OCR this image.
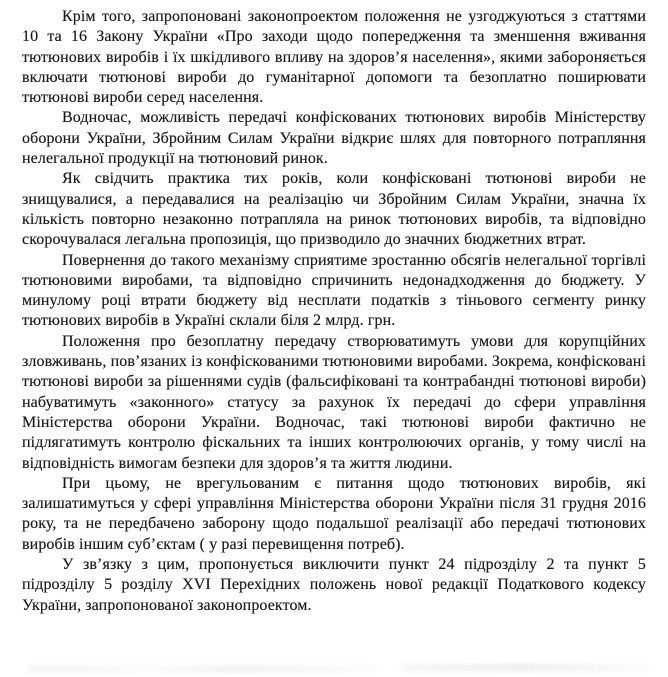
Крім того, запропоновані законопроектом положення не узгоджуються з статтями 10 та 16 Закону України «Про заходи щодо попередження та зменшення вживання тютюнових виробів і їх шкідливого впливу на здоров’я населення», якими забороняється включати тютюнові вироби до гуманітарної допомоги та безоплатно поширювати тютюнові вироби серед населення.

Водночас, можливість передачі конфіскованих тютюнових виробів Міністерству оборони України, Збройним Силам України відкриє шлях для повторного потрапляння нелегальної продукції на тютюновий ринок.

Як свідчить практика тих років, коли конфісковані тютюнові вироби не знищувалися, а передавалися на реалізацію чи Збройним Силам України, значна їх кількість повторно незаконно потрапляла на ринок тютюнових виробів, та відповідно скорочувалася легальна пропозиція, що призводило до значних бюджетних втрат.

Повернення до такого механізму сприятиме зростанню обсягів нелегальної торгівлі тютюновими виробами, та відповідно спричинить недонадходження до бюджету. У минулому році втрати бюджету від несплати податків з тіньового сегменту ринку тютюнових виробів в Україні склали біля 2 млрд. грн.

Положення про безоплатну передачу створюватимуть умови для корупційних зловживань, пов’язаних із конфіскованими тютюновими виробами. Зокрема, конфісковані тютюнові вироби за рішеннями судів (фальсифіковані та контрабандні тютюнові вироби) набуватимуть «законного» статусу за рахунок їх передачі до сфери управління Міністерства оборони України. Водночас, такі тютюнові вироби фактично не підлягатимуть контролю фіскальних та інших контролюючих органів, у тому числі на відповідність вимогам безпеки для здоров’я та життя людини.

При цьому, не врегульованим є питання щодо тютюнових виробів, які залишатимуться у сфері управління Міністерства оборони України після 31 грудня 2016 року, та не передбачено заборону щодо подальшої реалізації або передачі тютюнових виробів іншим суб’єктам ( у разі перевищення потреб).

У зв’язку з цим, пропонується виключити пункт 24 підрозділу 2 та пункт 5 підрозділу 5 розділу XVI Перехідних положень нової редакції Податкового кодексу України, запропонованої законопроектом.
